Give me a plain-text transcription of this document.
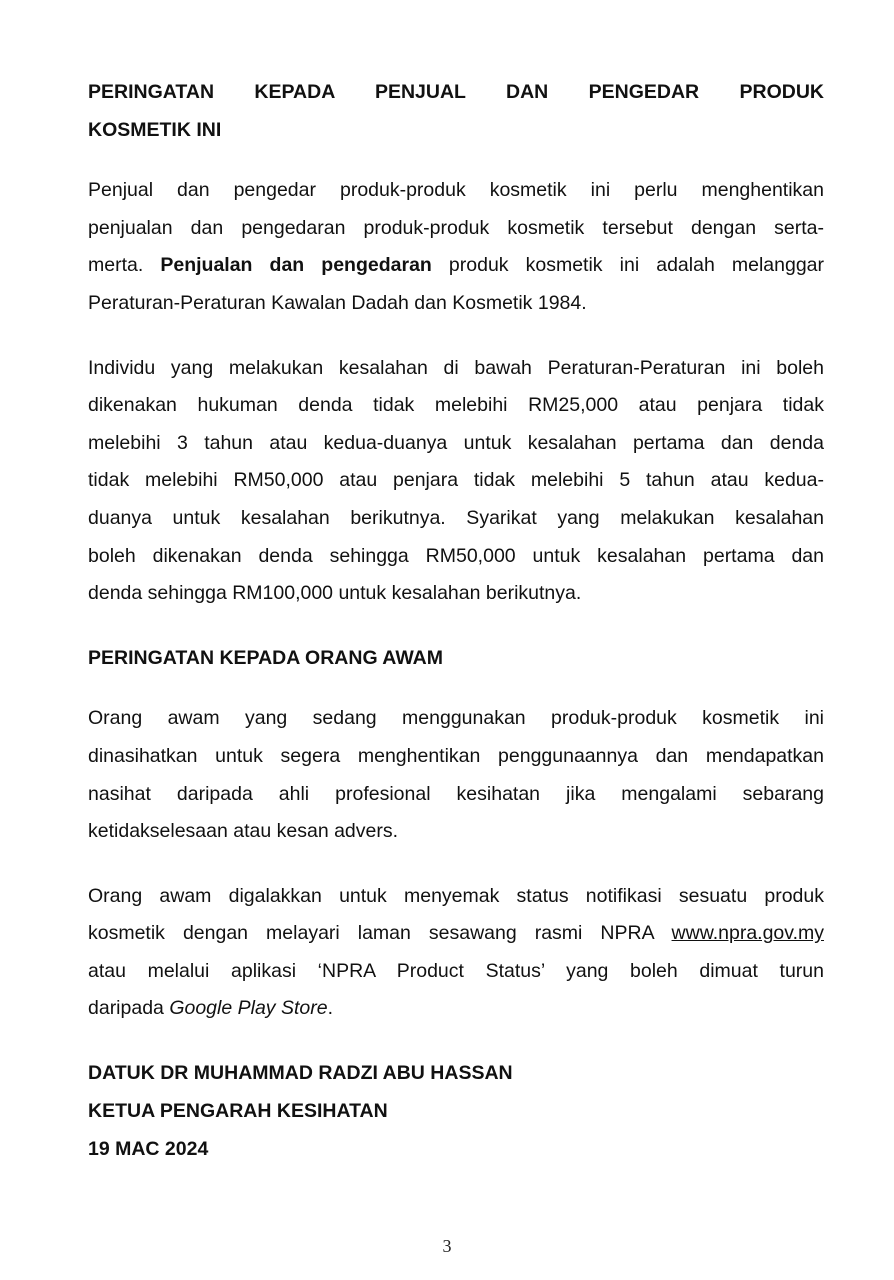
PERINGATAN KEPADA PENJUAL DAN PENGEDAR PRODUK
KOSMETIK INI
Penjual dan pengedar produk-produk kosmetik ini perlu menghentikan
penjualan dan pengedaran produk-produk kosmetik tersebut dengan serta-
merta. Penjualan dan pengedaran produk kosmetik ini adalah melanggar
Peraturan-Peraturan Kawalan Dadah dan Kosmetik 1984.
Individu yang melakukan kesalahan di bawah Peraturan-Peraturan ini boleh
dikenakan hukuman denda tidak melebihi RM25,000 atau penjara tidak
melebihi 3 tahun atau kedua-duanya untuk kesalahan pertama dan denda
tidak melebihi RM50,000 atau penjara tidak melebihi 5 tahun atau kedua-
duanya untuk kesalahan berikutnya. Syarikat yang melakukan kesalahan
boleh dikenakan denda sehingga RM50,000 untuk kesalahan pertama dan
denda sehingga RM100,000 untuk kesalahan berikutnya.
PERINGATAN KEPADA ORANG AWAM
Orang awam yang sedang menggunakan produk-produk kosmetik ini
dinasihatkan untuk segera menghentikan penggunaannya dan mendapatkan
nasihat daripada ahli profesional kesihatan jika mengalami sebarang
ketidakselesaan atau kesan advers.
Orang awam digalakkan untuk menyemak status notifikasi sesuatu produk
kosmetik dengan melayari laman sesawang rasmi NPRA www.npra.gov.my
atau melalui aplikasi ‘NPRA Product Status’ yang boleh dimuat turun
daripada Google Play Store.
DATUK DR MUHAMMAD RADZI ABU HASSAN
KETUA PENGARAH KESIHATAN
19 MAC 2024
3
